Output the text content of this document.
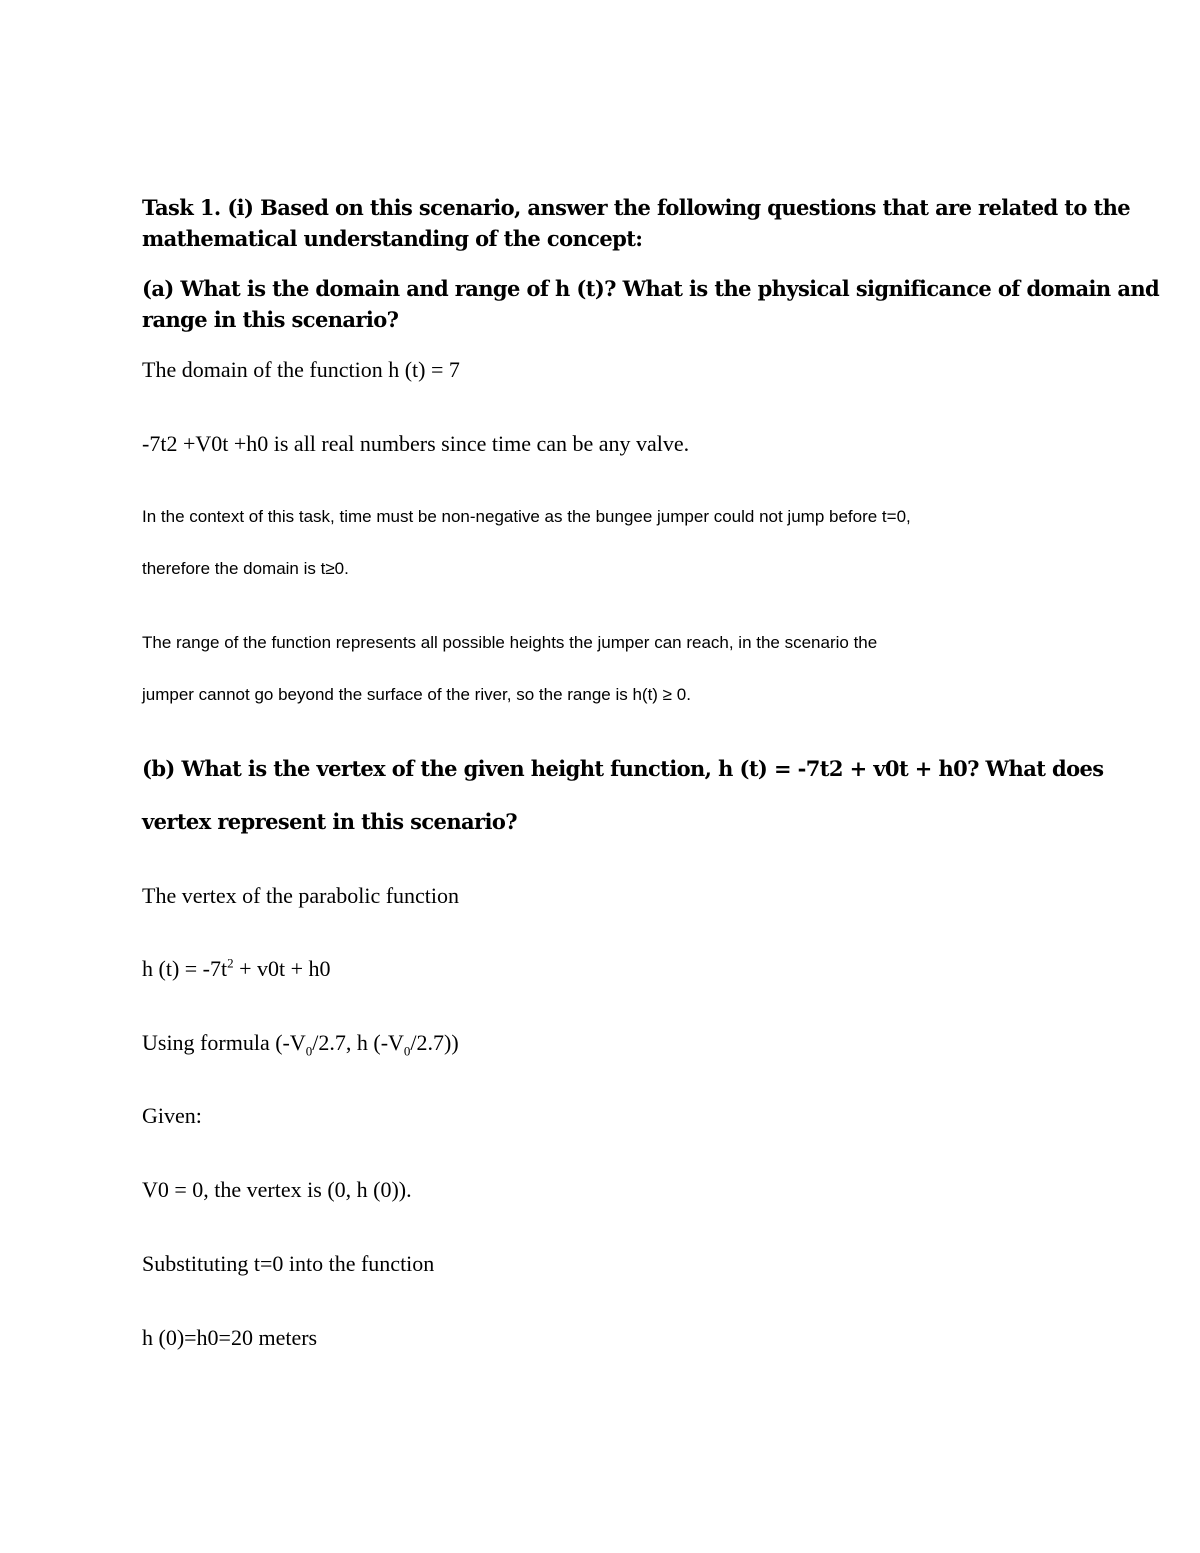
Task 1. (i) Based on this scenario, answer the following questions that are related to the
mathematical understanding of the concept:
(a) What is the domain and range of h (t)? What is the physical significance of domain and
range in this scenario?
The domain of the function h (t) = 7
-7t2 +V0t +h0 is all real numbers since time can be any valve.
In the context of this task, time must be non-negative as the bungee jumper could not jump before t=0,
therefore the domain is t≥0.
The range of the function represents all possible heights the jumper can reach, in the scenario the
jumper cannot go beyond the surface of the river, so the range is h(t) ≥ 0.
(b) What is the vertex of the given height function, h (t) = -7t2 + v0t + h0? What does
vertex represent in this scenario?
The vertex of the parabolic function
h $(t) = -7t^2 + v0t + h0$
Using formula ($-V_0/2.7$, h $(-V_0/2.7)$)
Given:
V0 = 0, the vertex is (0, h (0)).
Substituting t=0 into the function
h (0)=h0=20 meters
